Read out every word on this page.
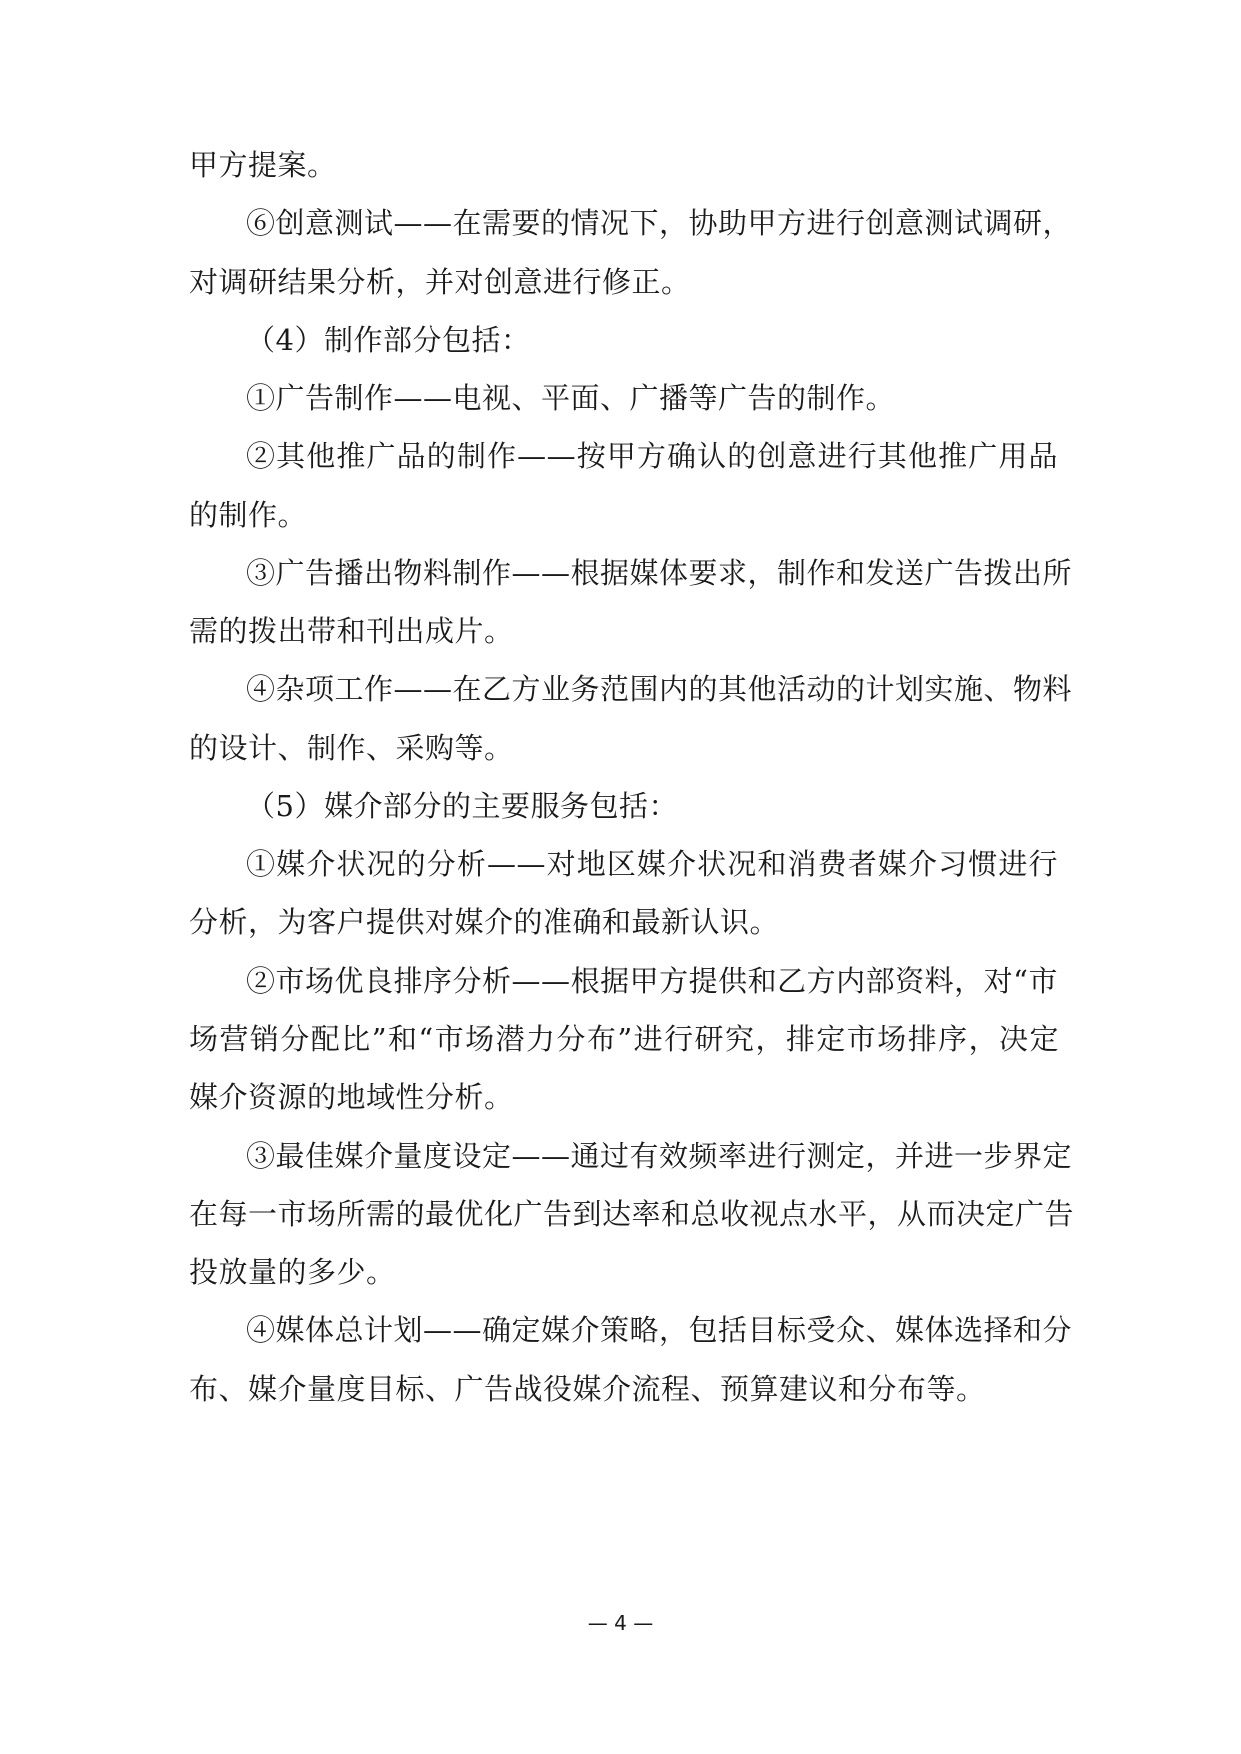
甲方提案。
⑥创意测试——在需要的情况下，协助甲方进行创意测试调研，
对调研结果分析，并对创意进行修正。
（4）制作部分包括：
①广告制作——电视、平面、广播等广告的制作。
②其他推广品的制作——按甲方确认的创意进行其他推广用品
的制作。
③广告播出物料制作——根据媒体要求，制作和发送广告拨出所
需的拨出带和刊出成片。
④杂项工作——在乙方业务范围内的其他活动的计划实施、物料
的设计、制作、采购等。
（5）媒介部分的主要服务包括：
①媒介状况的分析——对地区媒介状况和消费者媒介习惯进行
分析，为客户提供对媒介的准确和最新认识。
②市场优良排序分析——根据甲方提供和乙方内部资料，对“市
场营销分配比”和“市场潜力分布”进行研究，排定市场排序，决定
媒介资源的地域性分析。
③最佳媒介量度设定——通过有效频率进行测定，并进一步界定
在每一市场所需的最优化广告到达率和总收视点水平，从而决定广告
投放量的多少。
④媒体总计划——确定媒介策略，包括目标受众、媒体选择和分
布、媒介量度目标、广告战役媒介流程、预算建议和分布等。
— 4 —
